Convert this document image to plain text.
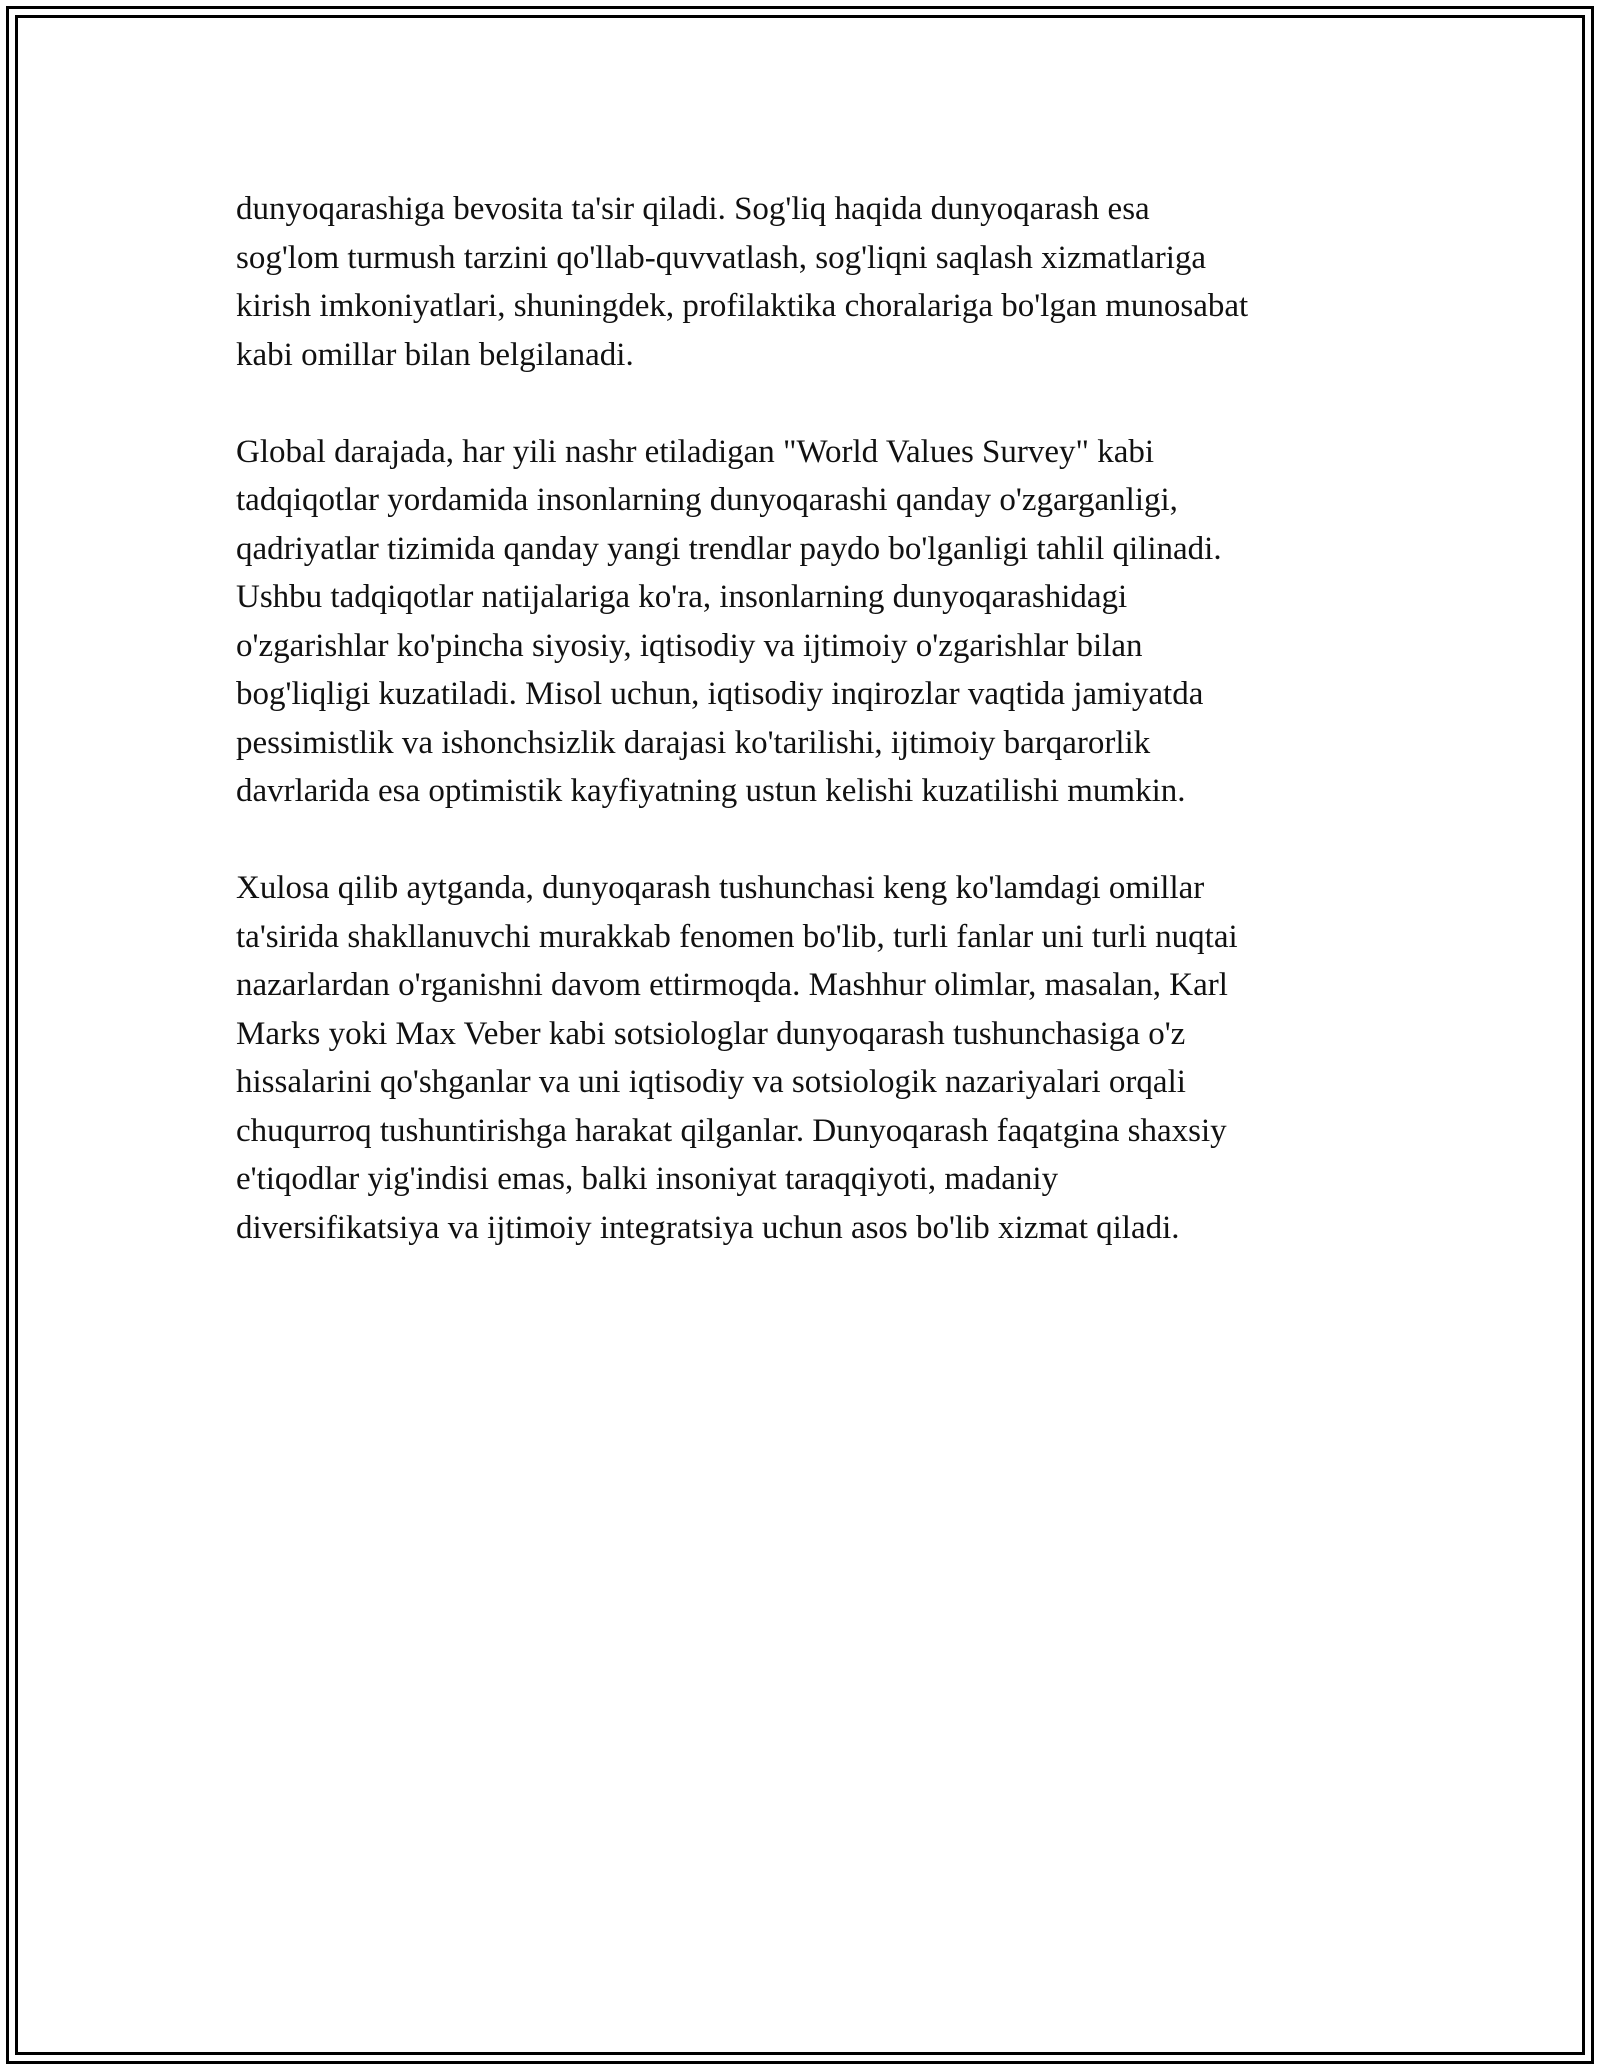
dunyoqarashiga bevosita ta'sir qiladi. Sog'liq haqida dunyoqarash esa
sog'lom turmush tarzini qo'llab-quvvatlash, sog'liqni saqlash xizmatlariga
kirish imkoniyatlari, shuningdek, profilaktika choralariga bo'lgan munosabat
kabi omillar bilan belgilanadi.

Global darajada, har yili nashr etiladigan "World Values Survey" kabi
tadqiqotlar yordamida insonlarning dunyoqarashi qanday o'zgarganligi,
qadriyatlar tizimida qanday yangi trendlar paydo bo'lganligi tahlil qilinadi.
Ushbu tadqiqotlar natijalariga ko'ra, insonlarning dunyoqarashidagi
o'zgarishlar ko'pincha siyosiy, iqtisodiy va ijtimoiy o'zgarishlar bilan
bog'liqligi kuzatiladi. Misol uchun, iqtisodiy inqirozlar vaqtida jamiyatda
pessimistlik va ishonchsizlik darajasi ko'tarilishi, ijtimoiy barqarorlik
davrlarida esa optimistik kayfiyatning ustun kelishi kuzatilishi mumkin.

Xulosa qilib aytganda, dunyoqarash tushunchasi keng ko'lamdagi omillar
ta'sirida shakllanuvchi murakkab fenomen bo'lib, turli fanlar uni turli nuqtai
nazarlardan o'rganishni davom ettirmoqda. Mashhur olimlar, masalan, Karl
Marks yoki Max Veber kabi sotsiologlar dunyoqarash tushunchasiga o'z
hissalarini qo'shganlar va uni iqtisodiy va sotsiologik nazariyalari orqali
chuqurroq tushuntirishga harakat qilganlar. Dunyoqarash faqatgina shaxsiy
e'tiqodlar yig'indisi emas, balki insoniyat taraqqiyoti, madaniy
diversifikatsiya va ijtimoiy integratsiya uchun asos bo'lib xizmat qiladi.
